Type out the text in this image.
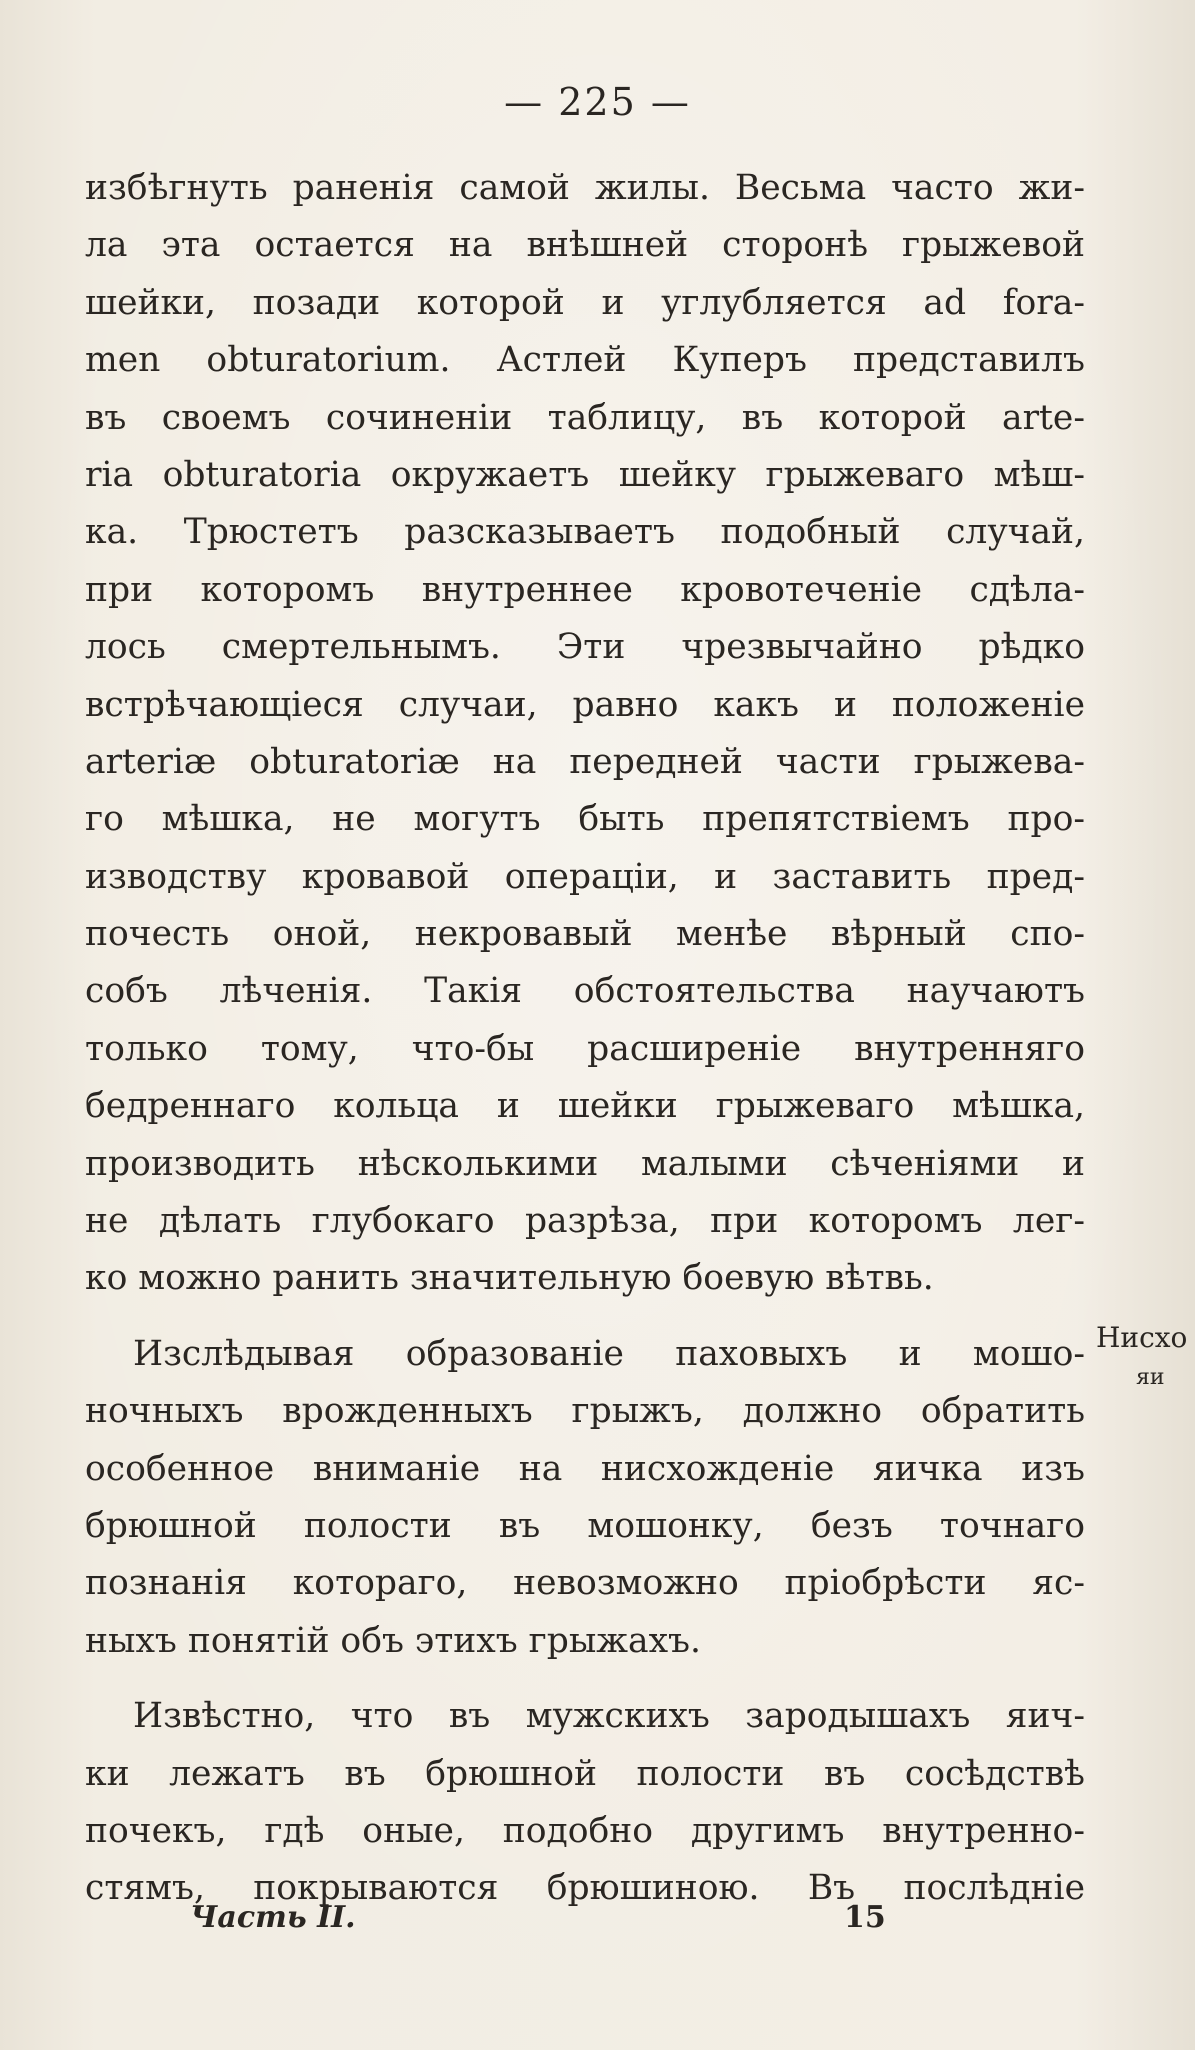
— 225 —
избѣгнуть раненія самой жилы. Весьма часто жи-
ла эта остается на внѣшней сторонѣ грыжевой
шейки, позади которой и углубляется ad fora-
men obturatorium. Астлей Куперъ представилъ
въ своемъ сочиненіи таблицу, въ которой arte-
ria obturatoria окружаетъ шейку грыжеваго мѣш-
ка. Трюстетъ разсказываетъ подобный случай,
при которомъ внутреннее кровотеченіе сдѣла-
лось смертельнымъ. Эти чрезвычайно рѣдко
встрѣчающіеся случаи, равно какъ и положеніе
arteriæ obturatoriæ на передней части грыжева-
го мѣшка, не могутъ быть препятствіемъ про-
изводству кровавой операціи, и заставить пред-
почесть оной, некровавый менѣе вѣрный спо-
собъ лѣченія. Такія обстоятельства научаютъ
только тому, что-бы расширеніе внутренняго
бедреннаго кольца и шейки грыжеваго мѣшка,
производить нѣсколькими малыми сѣченіями и
не дѣлать глубокаго разрѣза, при которомъ лег-
ко можно ранить значительную боевую вѣтвь.
Изслѣдывая образованіе паховыхъ и мошо-
ночныхъ врожденныхъ грыжъ, должно обратить
особенное вниманіе на нисхожденіе яичка изъ
брюшной полости въ мошонку, безъ точнаго
познанія котораго, невозможно пріобрѣсти яс-
ныхъ понятій объ этихъ грыжахъ.
Извѣстно, что въ мужскихъ зародышахъ яич-
ки лежатъ въ брюшной полости въ сосѣдствѣ
почекъ, гдѣ оные, подобно другимъ внутренно-
стямъ, покрываются брюшиною. Въ послѣдніе
Нисхо
яи
Часть II.	15
